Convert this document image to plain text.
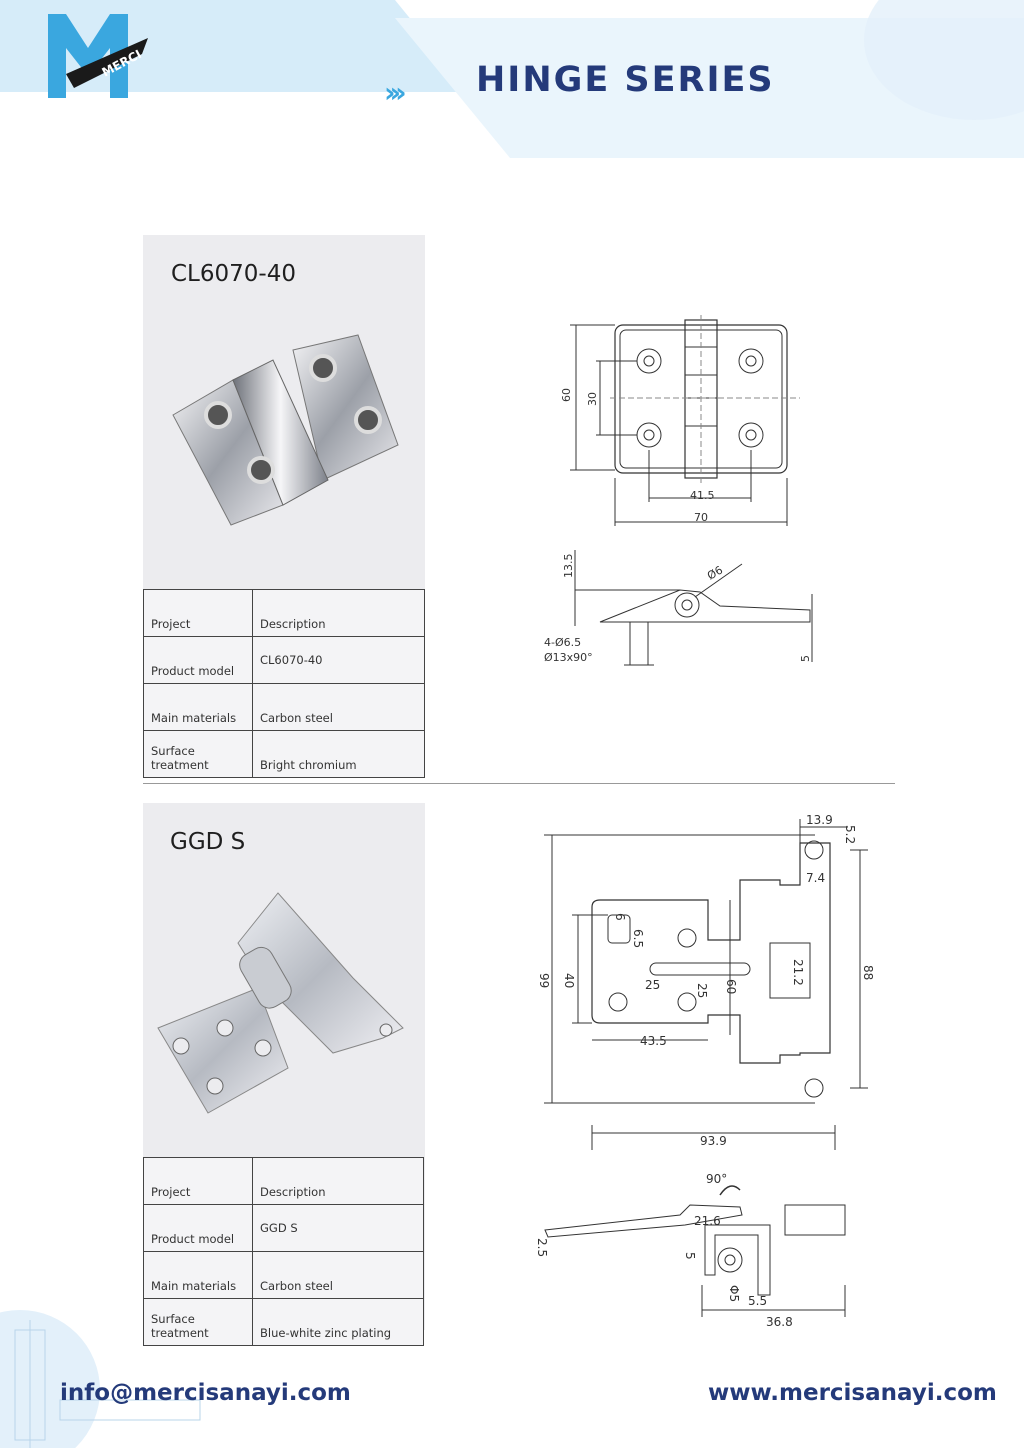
MERCI
››› HINGE SERIES
CL6070-40
Project	Description
Product model	CL6070-40
Main materials	Carbon steel
Surface treatment	Bright chromium
60 30
41.5
70
13.5	Ø6
4-Ø6.5
Ø13x90°	5
GGD S
Project	Description
Product model	GGD S
Main materials	Carbon steel
Surface treatment	Blue-white zinc plating
13.9
5.2
7.4
99 40
6.5
6
25	25 60
21.2	88
43.5
93.9
90°
2.5
21.6
5
Φ5 5.5
36.8
info@mercisanayi.com	www.mercisanayi.com
